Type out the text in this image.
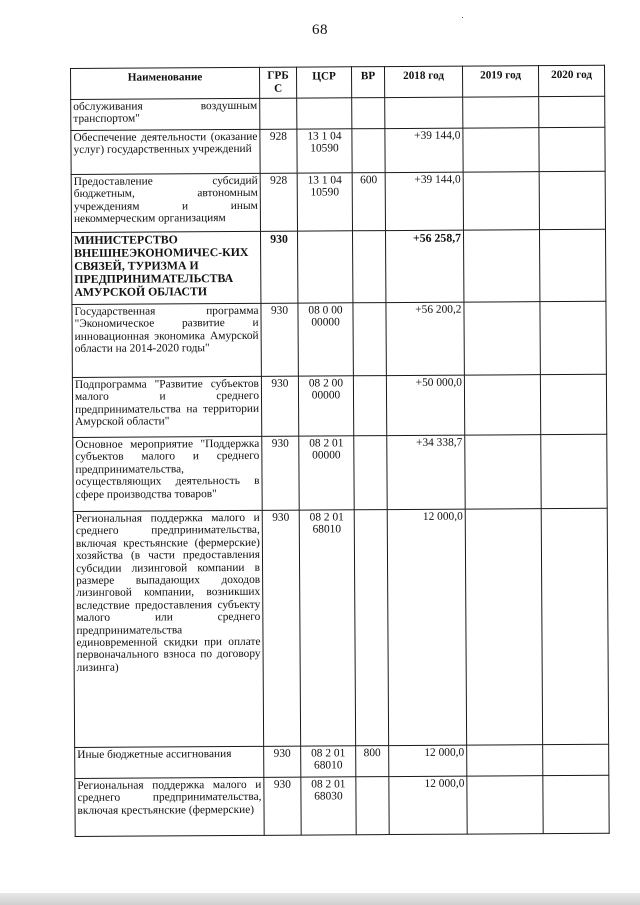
68
Наименование	ГРБ С	ЦСР	ВР	2018 год	2019 год	2020 год
обслуживания воздушным транспортом"						
Обеспечение деятельности (оказание услуг) государственных учреждений	928	13 1 04 10590		+39 144,0		
Предоставление субсидий бюджетным, автономным учреждениям и иным некоммерческим организациям	928	13 1 04 10590	600	+39 144,0		
МИНИСТЕРСТВО ВНЕШНЕЭКОНОМИЧЕС-КИХ СВЯЗЕЙ, ТУРИЗМА И ПРЕДПРИНИМАТЕЛЬСТВА АМУРСКОЙ ОБЛАСТИ	930			+56 258,7		
Государственная программа "Экономическое развитие и инновационная экономика Амурской области на 2014-2020 годы"	930	08 0 00 00000		+56 200,2		
Подпрограмма "Развитие субъектов малого и среднего предпринимательства на территории Амурской области"	930	08 2 00 00000		+50 000,0		
Основное мероприятие "Поддержка субъектов малого и среднего предпринимательства, осуществляющих деятельность в сфере производства товаров"	930	08 2 01 00000		+34 338,7		
Региональная поддержка малого и среднего предпринимательства, включая крестьянские (фермерские) хозяйства (в части предоставления субсидии лизинговой компании в размере выпадающих доходов лизинговой компании, возникших вследствие предоставления субъекту малого или среднего предпринимательства единовременной скидки при оплате первоначального взноса по договору лизинга)	930	08 2 01 68010		12 000,0		
Иные бюджетные ассигнования	930	08 2 01 68010	800	12 000,0		
Региональная поддержка малого и среднего предпринимательства, включая крестьянские (фермерские)	930	08 2 01 68030		12 000,0		
